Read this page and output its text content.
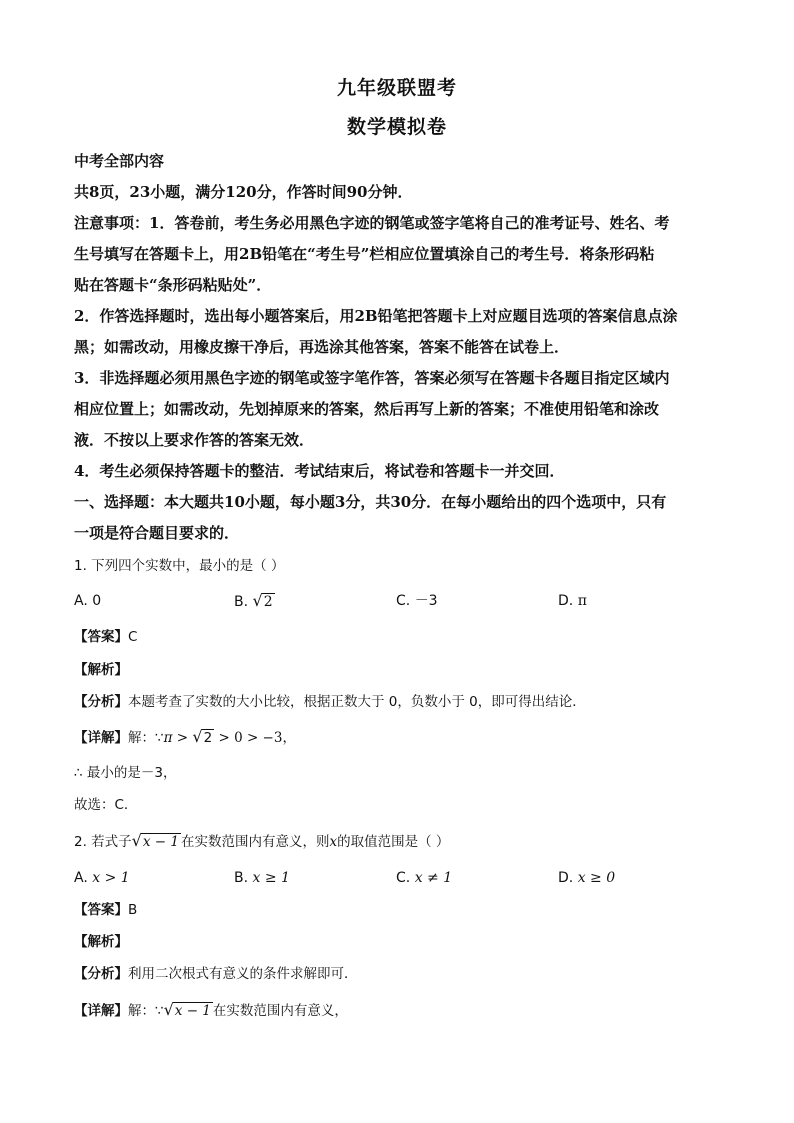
九年级联盟考
数学模拟卷
中考全部内容
共8页，23小题，满分120分，作答时间90分钟．
注意事项：1．答卷前，考生务必用黑色字迹的钢笔或签字笔将自己的准考证号、姓名、考
生号填写在答题卡上，用2B铅笔在“考生号”栏相应位置填涂自己的考生号．将条形码粘
贴在答题卡“条形码粘贴处”．
2．作答选择题时，选出每小题答案后，用2B铅笔把答题卡上对应题目选项的答案信息点涂
黑；如需改动，用橡皮擦干净后，再选涂其他答案，答案不能答在试卷上．
3．非选择题必须用黑色字迹的钢笔或签字笔作答，答案必须写在答题卡各题目指定区域内
相应位置上；如需改动，先划掉原来的答案，然后再写上新的答案；不准使用铅笔和涂改
液．不按以上要求作答的答案无效．
4．考生必须保持答题卡的整洁．考试结束后，将试卷和答题卡一并交回．
一、选择题：本大题共10小题，每小题3分，共30分．在每小题给出的四个选项中，只有
一项是符合题目要求的．
1. 下列四个实数中，最小的是（ ）
A. 0	B. √2	C. －3	D. π
【答案】C
【解析】
【分析】本题考查了实数的大小比较，根据正数大于 0，负数小于 0，即可得出结论．
【详解】解：∵π > √2 > 0 > −3，
∴ 最小的是－3，
故选：C．
2. 若式子√x − 1 在实数范围内有意义，则x的取值范围是（ ）
A. x > 1	B. x ≥ 1	C. x ≠ 1	D. x ≥ 0
【答案】B
【解析】
【分析】利用二次根式有意义的条件求解即可．
【详解】解：∵√x − 1 在实数范围内有意义，
